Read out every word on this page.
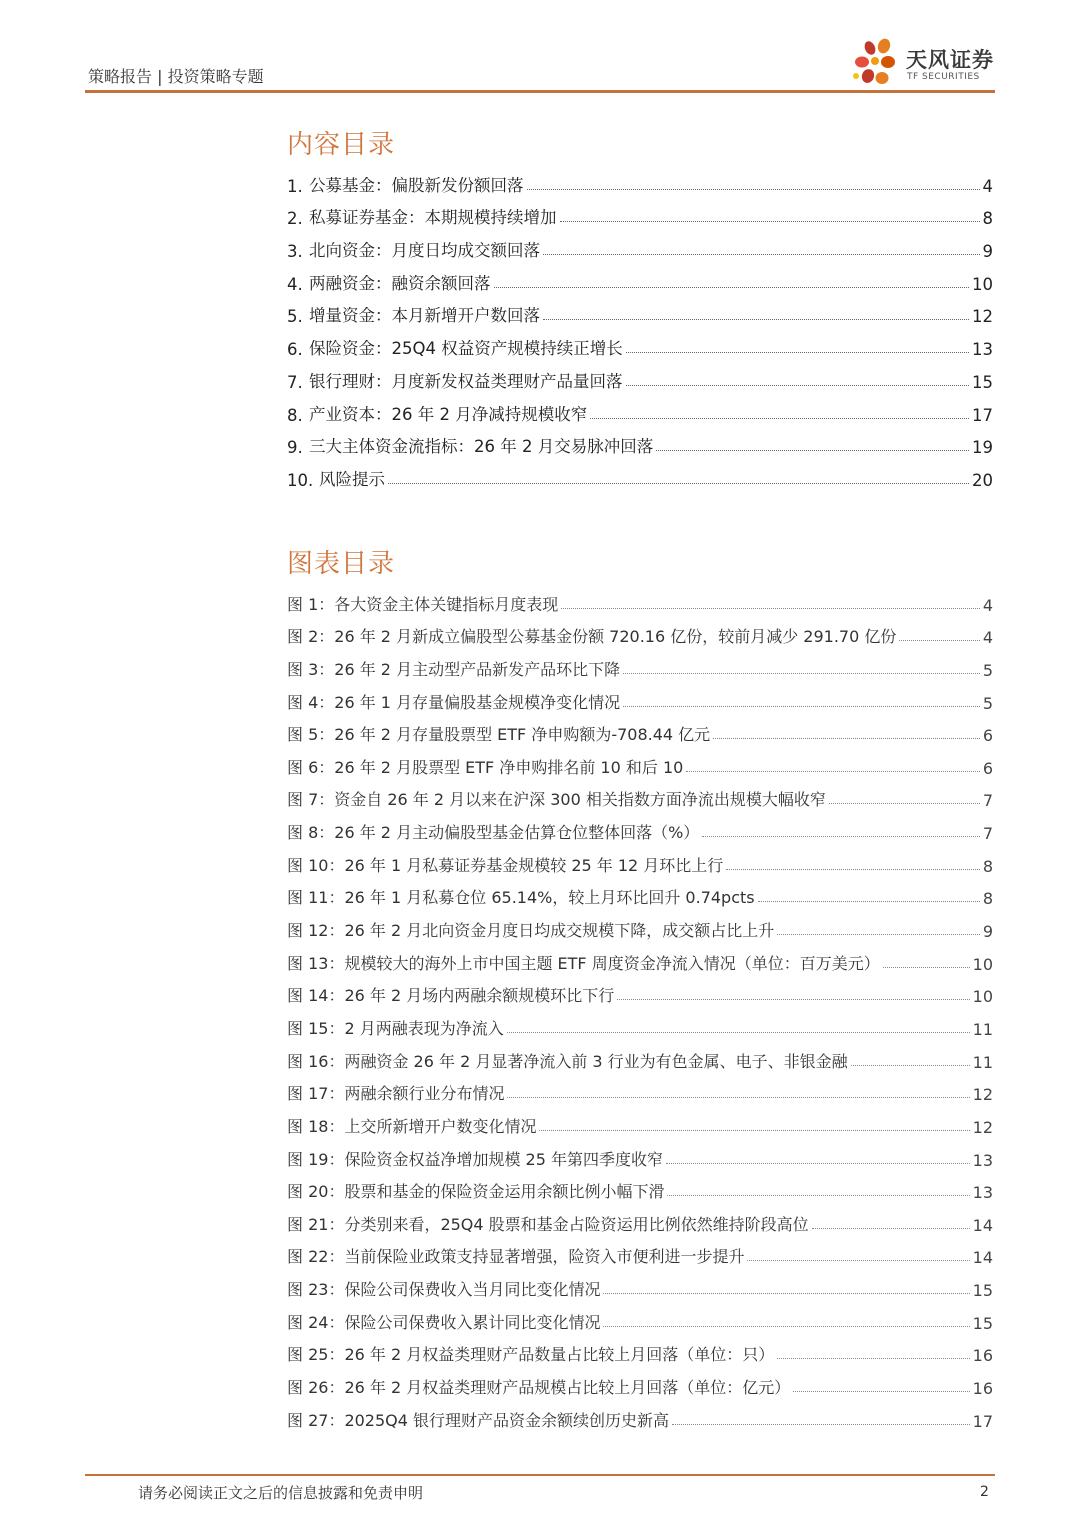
策略报告 | 投资策略专题
天风证券
TF SECURITIES
内容目录
1. 公募基金：偏股新发份额回落	4
2. 私募证券基金：本期规模持续增加	8
3. 北向资金：月度日均成交额回落	9
4. 两融资金：融资余额回落	10
5. 增量资金：本月新增开户数回落	12
6. 保险资金：25Q4 权益资产规模持续正增长	13
7. 银行理财：月度新发权益类理财产品量回落	15
8. 产业资本：26 年 2 月净减持规模收窄	17
9. 三大主体资金流指标：26 年 2 月交易脉冲回落	19
10. 风险提示	20
图表目录
图 1：各大资金主体关键指标月度表现	4
图 2：26 年 2 月新成立偏股型公募基金份额 720.16 亿份，较前月减少 291.70 亿份	4
图 3：26 年 2 月主动型产品新发产品环比下降	5
图 4：26 年 1 月存量偏股基金规模净变化情况	5
图 5：26 年 2 月存量股票型 ETF 净申购额为-708.44 亿元	6
图 6：26 年 2 月股票型 ETF 净申购排名前 10 和后 10	6
图 7：资金自 26 年 2 月以来在沪深 300 相关指数方面净流出规模大幅收窄	7
图 8：26 年 2 月主动偏股型基金估算仓位整体回落（%）	7
图 10：26 年 1 月私募证券基金规模较 25 年 12 月环比上行	8
图 11：26 年 1 月私募仓位 65.14%，较上月环比回升 0.74pcts	8
图 12：26 年 2 月北向资金月度日均成交规模下降，成交额占比上升	9
图 13：规模较大的海外上市中国主题 ETF 周度资金净流入情况（单位：百万美元）	10
图 14：26 年 2 月场内两融余额规模环比下行	10
图 15：2 月两融表现为净流入	11
图 16：两融资金 26 年 2 月显著净流入前 3 行业为有色金属、电子、非银金融	11
图 17：两融余额行业分布情况	12
图 18：上交所新增开户数变化情况	12
图 19：保险资金权益净增加规模 25 年第四季度收窄	13
图 20：股票和基金的保险资金运用余额比例小幅下滑	13
图 21：分类别来看，25Q4 股票和基金占险资运用比例依然维持阶段高位	14
图 22：当前保险业政策支持显著增强，险资入市便利进一步提升	14
图 23：保险公司保费收入当月同比变化情况	15
图 24：保险公司保费收入累计同比变化情况	15
图 25：26 年 2 月权益类理财产品数量占比较上月回落（单位：只）	16
图 26：26 年 2 月权益类理财产品规模占比较上月回落（单位：亿元）	16
图 27：2025Q4 银行理财产品资金余额续创历史新高	17
请务必阅读正文之后的信息披露和免责申明	2
